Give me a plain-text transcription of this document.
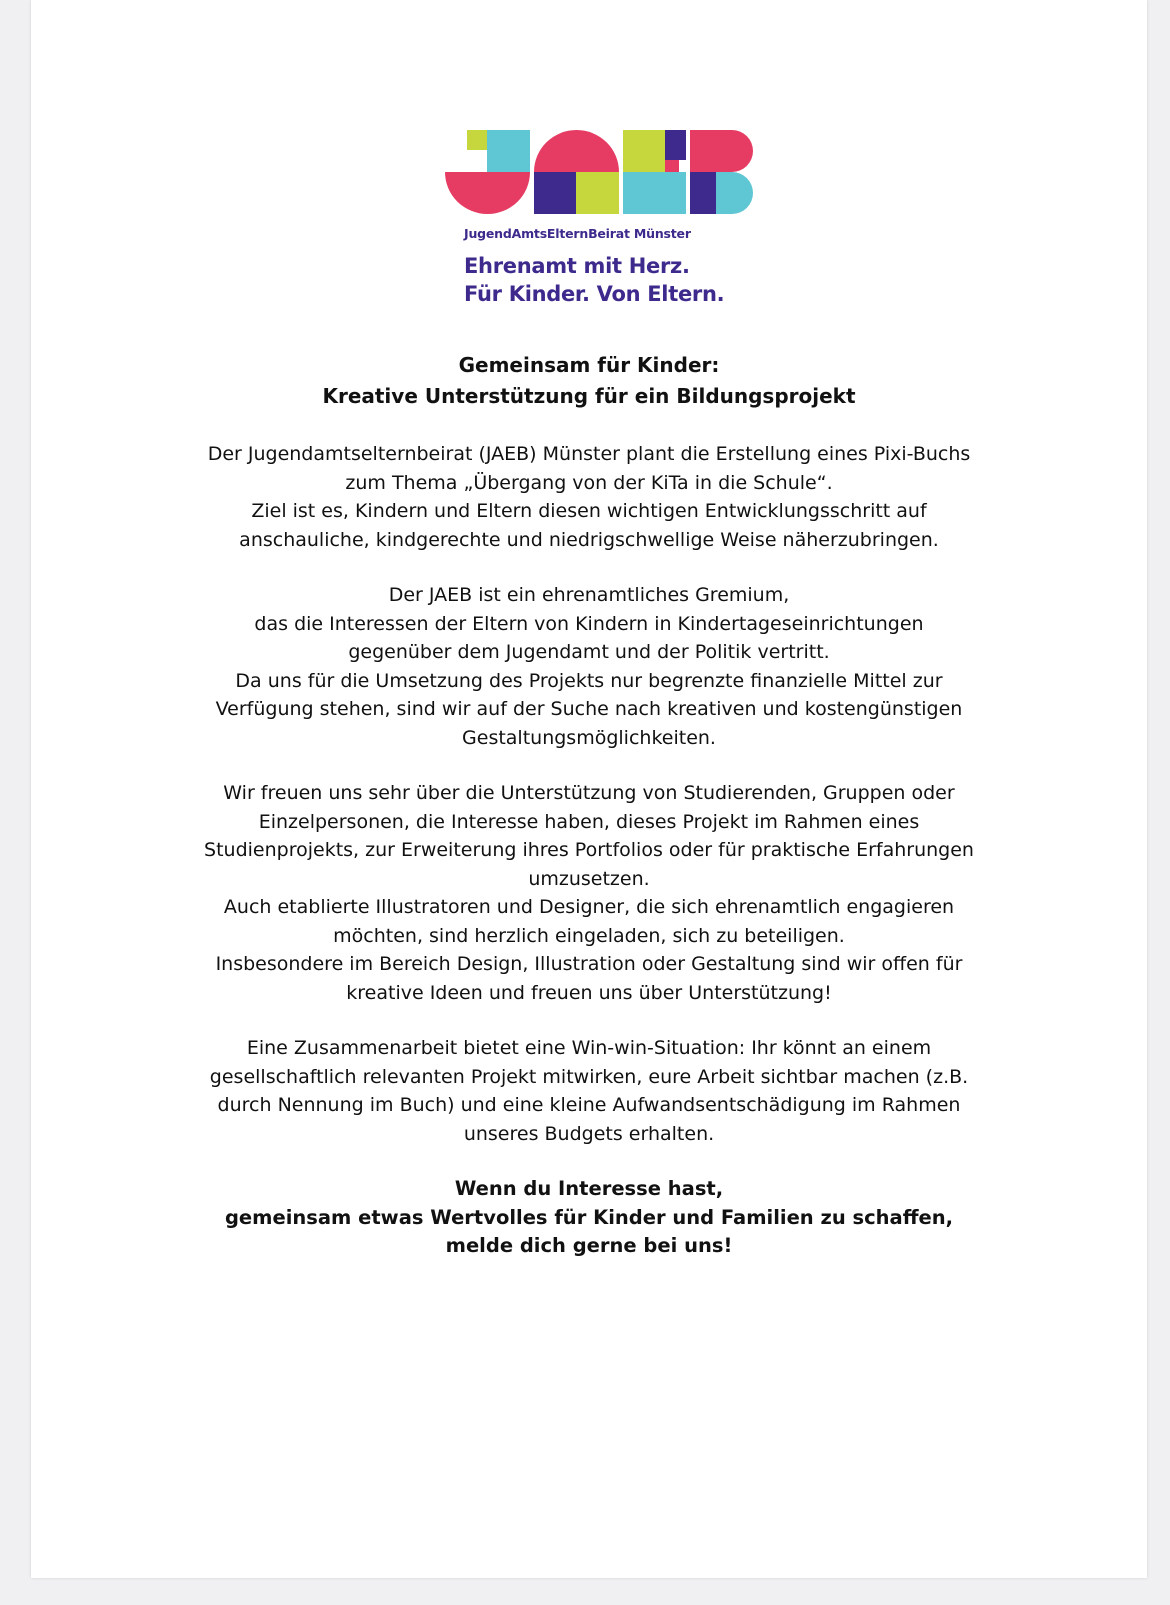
JugendAmtsElternBeirat Münster
Ehrenamt mit Herz.
Für Kinder. Von Eltern.
Gemeinsam für Kinder:
Kreative Unterstützung für ein Bildungsprojekt

Der Jugendamtselternbeirat (JAEB) Münster plant die Erstellung eines Pixi-Buchs
zum Thema „Übergang von der KiTa in die Schule“.
Ziel ist es, Kindern und Eltern diesen wichtigen Entwicklungsschritt auf
anschauliche, kindgerechte und niedrigschwellige Weise näherzubringen.

Der JAEB ist ein ehrenamtliches Gremium,
das die Interessen der Eltern von Kindern in Kindertageseinrichtungen
gegenüber dem Jugendamt und der Politik vertritt.
Da uns für die Umsetzung des Projekts nur begrenzte finanzielle Mittel zur
Verfügung stehen, sind wir auf der Suche nach kreativen und kostengünstigen
Gestaltungsmöglichkeiten.

Wir freuen uns sehr über die Unterstützung von Studierenden, Gruppen oder
Einzelpersonen, die Interesse haben, dieses Projekt im Rahmen eines
Studienprojekts, zur Erweiterung ihres Portfolios oder für praktische Erfahrungen
umzusetzen.
Auch etablierte Illustratoren und Designer, die sich ehrenamtlich engagieren
möchten, sind herzlich eingeladen, sich zu beteiligen.
Insbesondere im Bereich Design, Illustration oder Gestaltung sind wir offen für
kreative Ideen und freuen uns über Unterstützung!

Eine Zusammenarbeit bietet eine Win-win-Situation: Ihr könnt an einem
gesellschaftlich relevanten Projekt mitwirken, eure Arbeit sichtbar machen (z.B.
durch Nennung im Buch) und eine kleine Aufwandsentschädigung im Rahmen
unseres Budgets erhalten.

Wenn du Interesse hast,
gemeinsam etwas Wertvolles für Kinder und Familien zu schaffen,
melde dich gerne bei uns!
